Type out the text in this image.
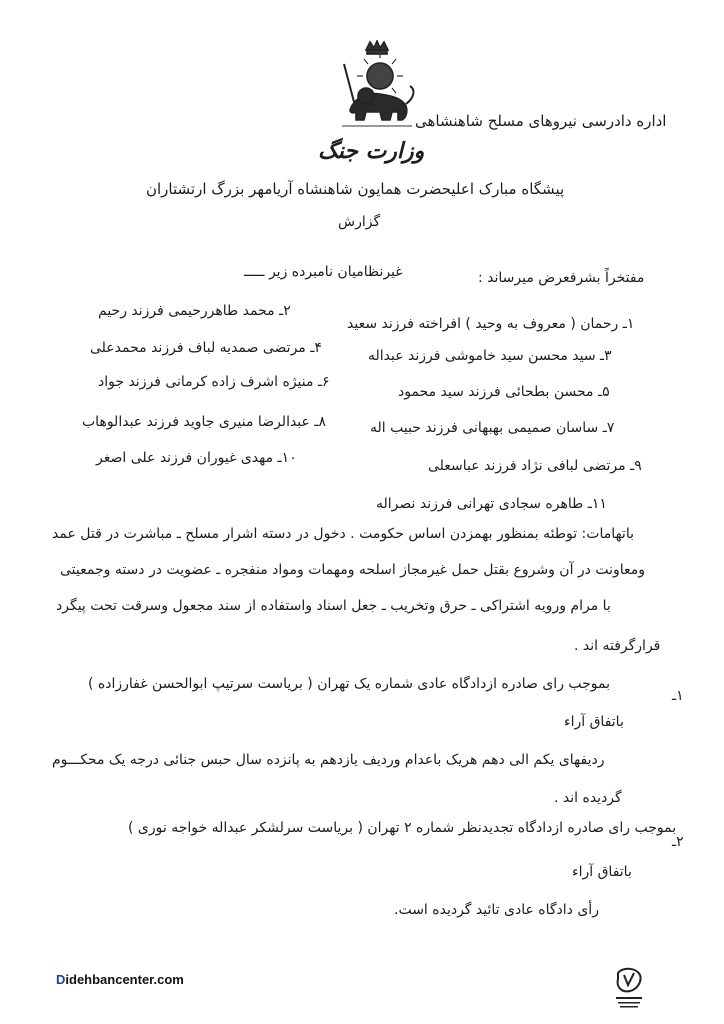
اداره دادرسی نیروهای مسلح شاهنشاهی
وزارت جنگ
پیشگاه مبارک اعلیحضرت همایون شاهنشاه آریامهر بزرگ ارتشتاران
گزارش
مفتخراً بشرفعرض میرساند :
غیرنظامیان نامبرده زیر ـــــ
۱ـ رحمان ( معروف به وحید ) افراخته فرزند سعید
۳ـ سید محسن سید خاموشی فرزند عبداله
۵ـ محسن بطحائی فرزند سید محمود
۷ـ ساسان صمیمی بهبهانی فرزند حبیب اله
۹ـ مرتضی لبافی نژاد فرزند عباسعلی
۱۱ـ طاهره سجادی تهرانی فرزند نصراله
۲ـ محمد طاهررحیمی فرزند رحیم
۴ـ مرتضی صمدیه لباف فرزند محمدعلی
۶ـ منیژه اشرف زاده کرمانی فرزند جواد
۸ـ عبدالرضا منیری جاوید فرزند عبدالوهاب
۱۰ـ مهدی غیوران فرزند علی اصغر
باتهامات: توطئه بمنظور بهمزدن اساس حکومت . دخول در دسته اشرار مسلح ـ مباشرت در قتل عمد
ومعاونت در آن وشروع بقتل حمل غیرمجاز اسلحه ومهمات ومواد منفجره ـ عضویت در دسته وجمعیتی
با مرام ورویه اشتراکی ـ حرق وتخریب ـ جعل اسناد واستفاده از سند مجعول وسرقت تحت پیگرد
قرارگرفته اند .
۱ـ
بموجب رای صادره ازدادگاه عادی شماره یک تهران ( بریاست سرتیپ ابوالحسن غفارزاده )
باتفاق آراء
ردیفهای یکم الی دهم هریک باعدام وردیف یازدهم به پانزده سال حبس جنائی درجه یک محکـــوم
گردیده اند .
۲ـ
بموجب رای صادره ازدادگاه تجدیدنظر شماره ۲ تهران ( بریاست سرلشکر عبداله خواجه نوری )
باتفاق آراء
رأی دادگاه عادی تائید گردیده است.
Didehbancenter.com
